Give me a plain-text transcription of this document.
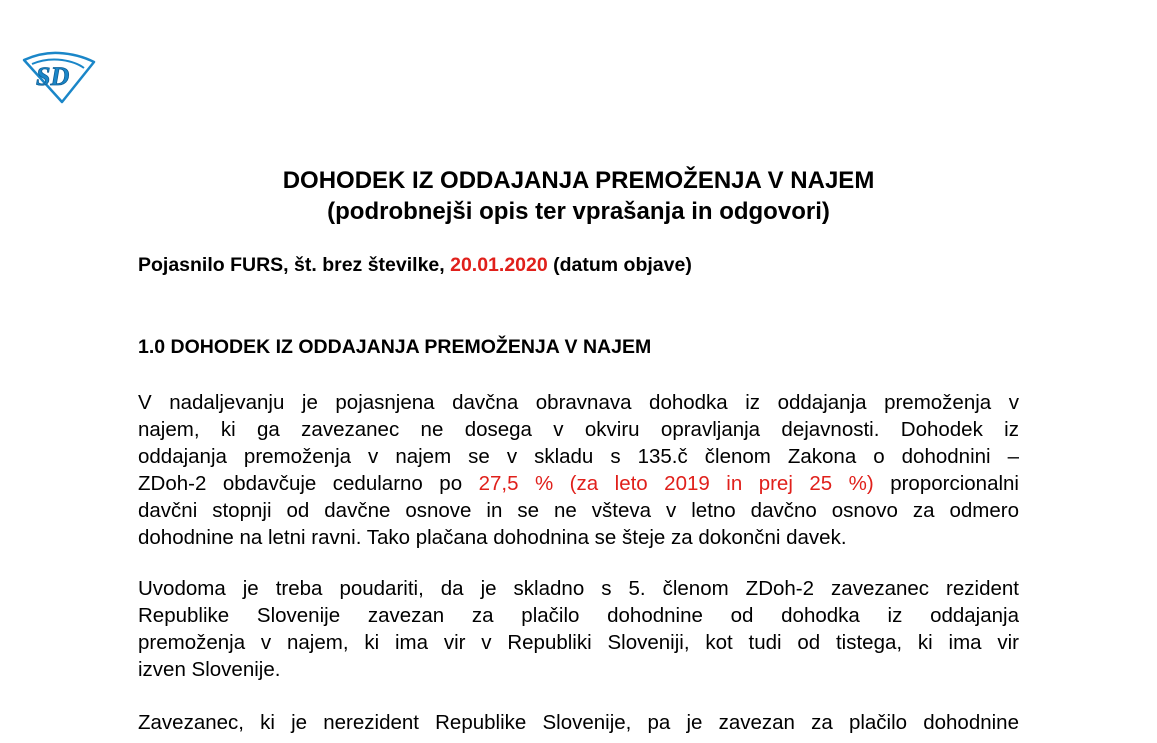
SD
DOHODEK IZ ODDAJANJA PREMOŽENJA V NAJEM
(podrobnejši opis ter vprašanja in odgovori)
Pojasnilo FURS, št. brez številke, 20.01.2020 (datum objave)
1.0 DOHODEK IZ ODDAJANJA PREMOŽENJA V NAJEM
V nadaljevanju je pojasnjena davčna obravnava dohodka iz oddajanja premoženja v
najem, ki ga zavezanec ne dosega v okviru opravljanja dejavnosti. Dohodek iz
oddajanja premoženja v najem se v skladu s 135.č členom Zakona o dohodnini –
ZDoh-2 obdavčuje cedularno po 27,5 % (za leto 2019 in prej 25 %) proporcionalni
davčni stopnji od davčne osnove in se ne všteva v letno davčno osnovo za odmero
dohodnine na letni ravni. Tako plačana dohodnina se šteje za dokončni davek.
Uvodoma je treba poudariti, da je skladno s 5. členom ZDoh-2 zavezanec rezident
Republike Slovenije zavezan za plačilo dohodnine od dohodka iz oddajanja
premoženja v najem, ki ima vir v Republiki Sloveniji, kot tudi od tistega, ki ima vir
izven Slovenije.
Zavezanec, ki je nerezident Republike Slovenije, pa je zavezan za plačilo dohodnine
